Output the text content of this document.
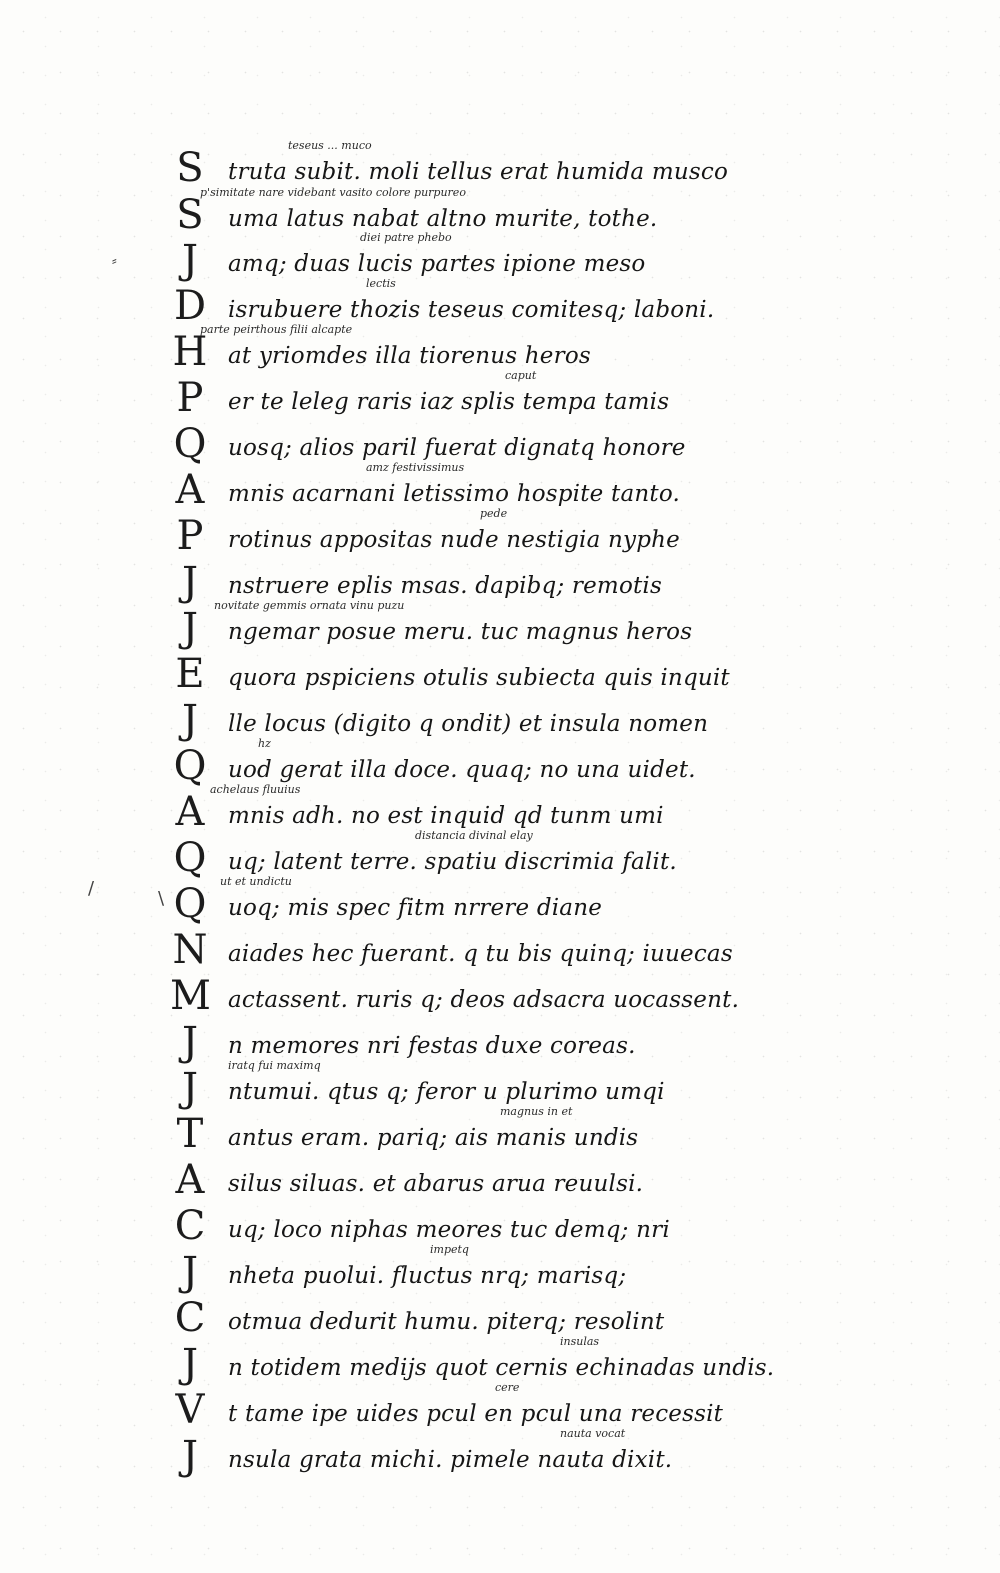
S	teseus ... muco
truta subit. moli tellus erat humida musco
S
p'simitate nare videbant vasito colore purpureo
uma latus nabat altno murite, tothe.
J	diei patre phebo
amq; duas lucis partes ipione meso
D	lectis
isrubuere thozis teseus comitesq; laboni.
H
parte peirthous filii alcapte
at yriomdes illa tiorenus heros
P	caput
er te leleg raris iaz splis tempa tamis
Q uosq; alios paril fuerat dignatq honore
A	amz festivissimus
mnis acarnani letissimo hospite tanto.
P	pede
rotinus appositas nude nestigia nyphe
J	nstruere eplis msas. dapibq; remotis
J	novitate gemmis ornata vinu puzu
ngemar posue meru. tuc magnus heros
E quora pspiciens otulis subiecta quis inquit
J	lle locus (digito q ondit) et insula nomen
Q	hz
uod gerat illa doce. quaq; no una uidet.
A achelaus fluuius
mnis adh. no est inquid qd tunm umi
Q	distancia divinal elay
uq; latent terre. spatiu discrimia falit.
Q	ut et undictu
uoq; mis spec fitm nrrere diane
N aiades hec fuerant. q tu bis quinq; iuuecas
M actassent. ruris q; deos adsacra uocassent.
J	n memores nri festas duxe coreas.
J	iratq fui maximq
ntumui. qtus q; feror u plurimo umqi
T	magnus in et
antus eram. pariq; ais manis undis
A silus siluas. et abarus arua reuulsi.
C uq; loco niphas meores tuc demq; nri
J	impetq
nheta puolui. fluctus nrq; marisq;
C otmua dedurit humu. piterq; resolint
J	insulas
n totidem medijs quot cernis echinadas undis.
V	cere
t tame ipe uides pcul en pcul una recessit
J	nauta vocat
nsula grata michi. pimele nauta dixit.
/	\
⸗
